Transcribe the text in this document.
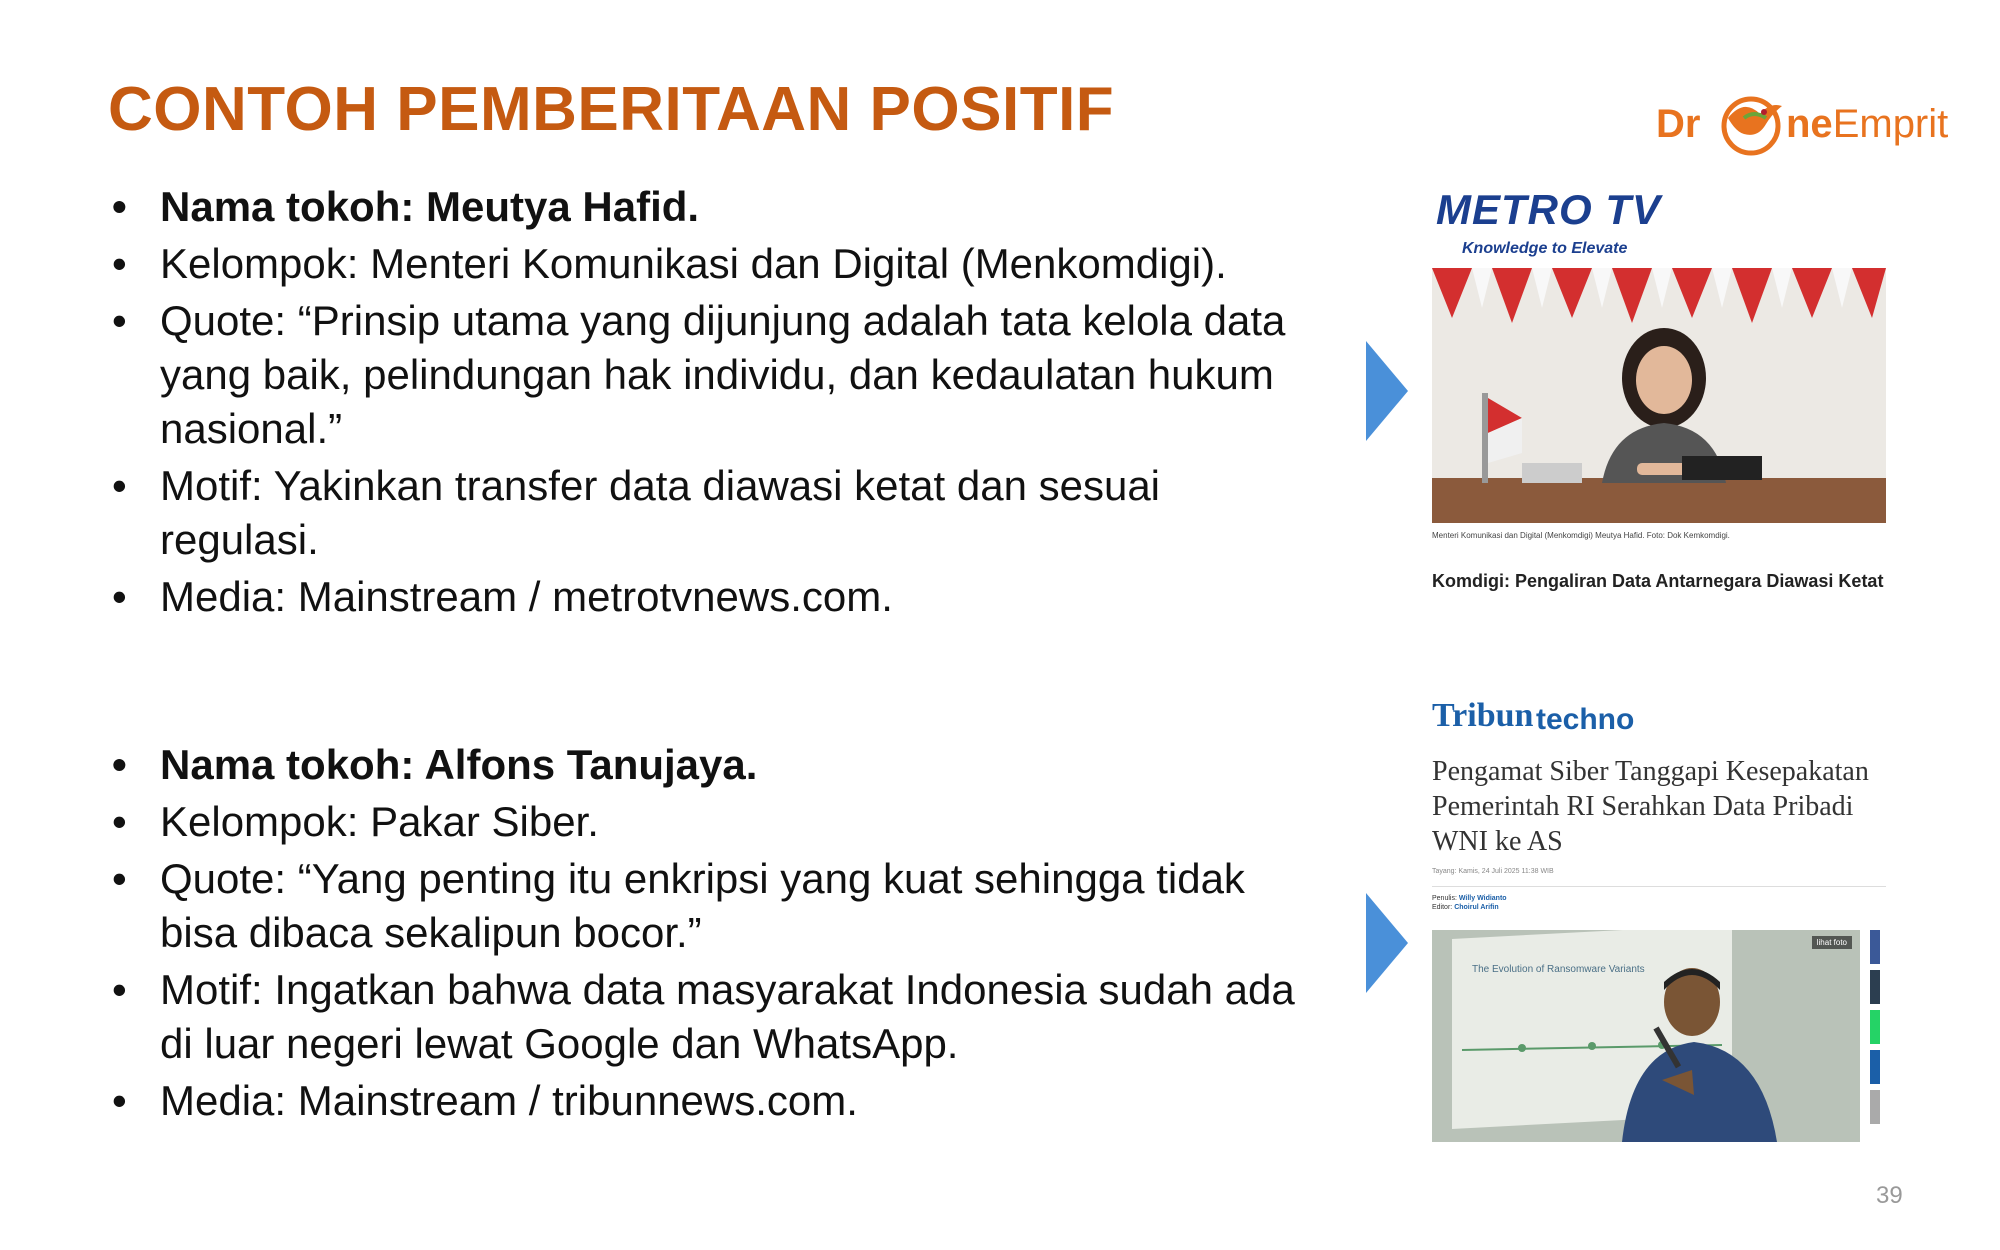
CONTOH PEMBERITAAN POSITIF	Dr neEmprit
• Nama tokoh: Meutya Hafid.
• Kelompok: Menteri Komunikasi dan Digital (Menkomdigi).
• Quote: “Prinsip utama yang dijunjung adalah tata kelola data yang baik, pelindungan hak individu, dan kedaulatan hukum nasional.”
• Motif: Yakinkan transfer data diawasi ketat dan sesuai regulasi.
• Media: Mainstream / metrotvnews.com.
• Nama tokoh: Alfons Tanujaya.
• Kelompok: Pakar Siber.
• Quote: “Yang penting itu enkripsi yang kuat sehingga tidak bisa dibaca sekalipun bocor.”
• Motif: Ingatkan bahwa data masyarakat Indonesia sudah ada di luar negeri lewat Google dan WhatsApp.
• Media: Mainstream / tribunnews.com.
METRO TV
Knowledge to Elevate
Menteri Komunikasi dan Digital (Menkomdigi) Meutya Hafid. Foto: Dok Kemkomdigi.
Komdigi: Pengaliran Data Antarnegara Diawasi Ketat
Tribun techno
Pengamat Siber Tanggapi Kesepakatan Pemerintah RI Serahkan Data Pribadi WNI ke AS
Tayang: Kamis, 24 Juli 2025 11:38 WIB
Penulis: Willy Widianto
Editor: Choirul Arifin
The Evolution of Ransomware Variants
lihat foto
39
